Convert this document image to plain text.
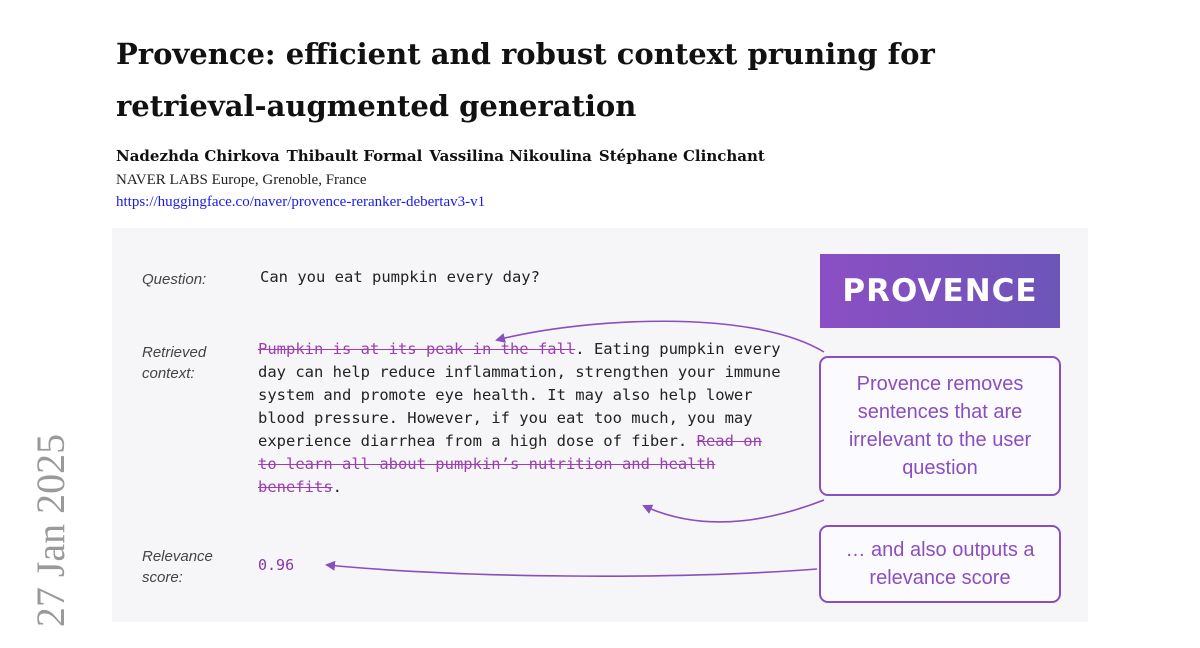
27 Jan 2025
Provence: efficient and robust context pruning for
retrieval-augmented generation
Nadezhda Chirkova Thibault Formal Vassilina Nikoulina Stéphane Clinchant
NAVER LABS Europe, Grenoble, France
https://huggingface.co/naver/provence-reranker-debertav3-v1
Question:	Can you eat pumpkin every day?
Retrieved
context:
Pumpkin is at its peak in the fall. Eating pumpkin every day can help reduce inflammation, strengthen your immune system and promote eye health. It may also help lower blood pressure. However, if you eat too much, you may experience diarrhea from a high dose of fiber. Read on to learn all about pumpkin’s nutrition and health benefits.
Relevance
score:
0.96
PROVENCE
Provence removes sentences that are irrelevant to the user question
… and also outputs a relevance score
